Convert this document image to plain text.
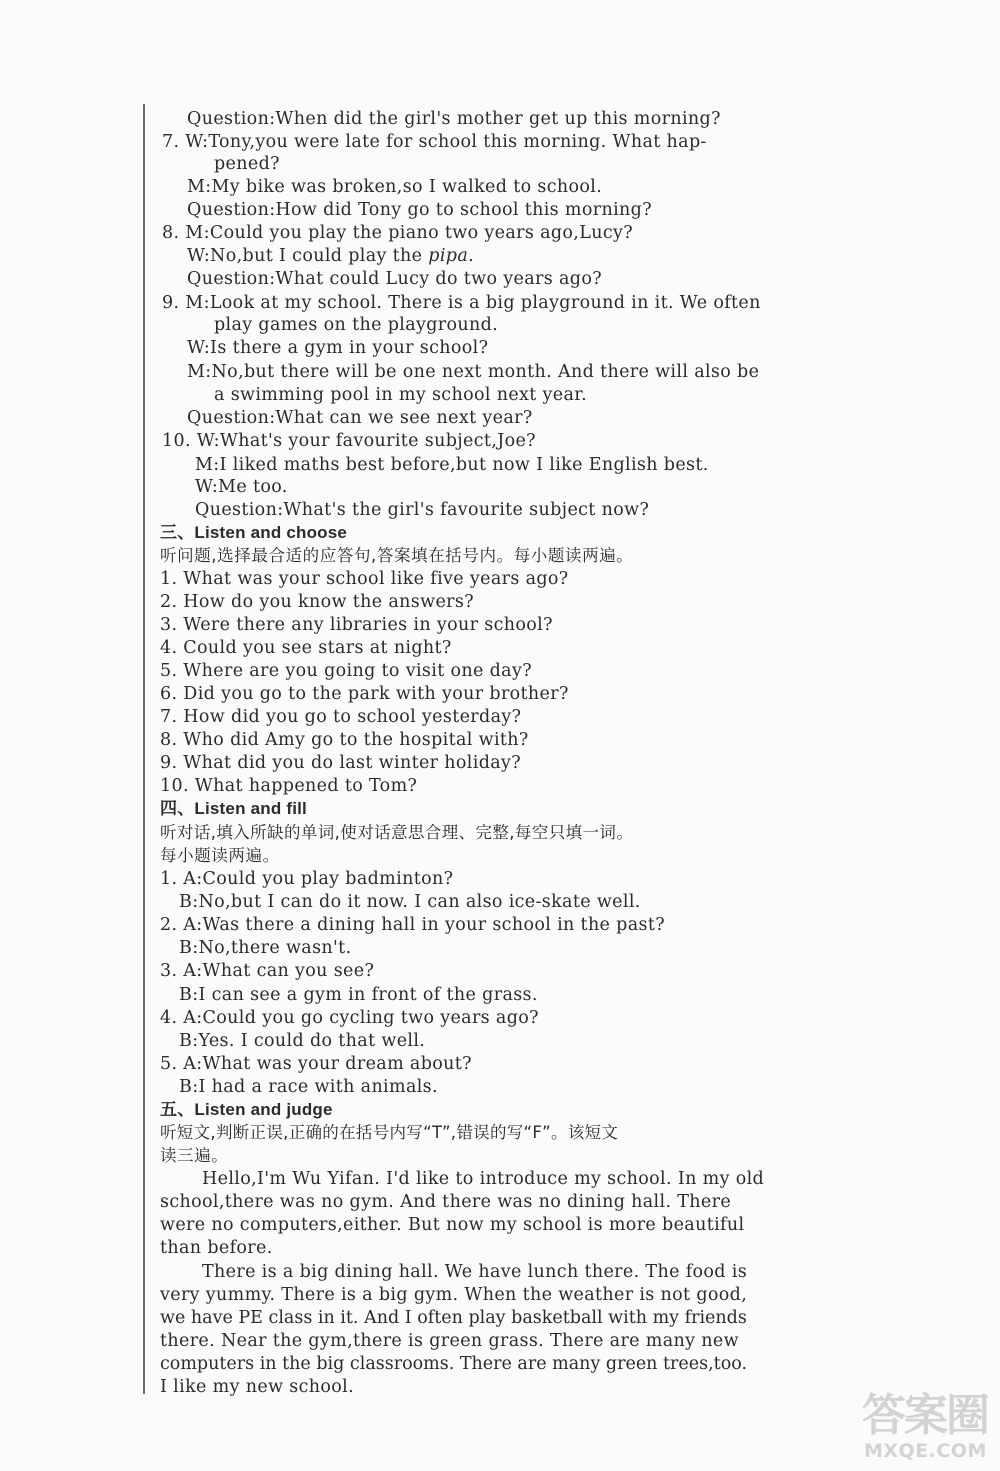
Question:When did the girl's mother get up this morning?
7. W:Tony,you were late for school this morning. What hap-
pened?
M:My bike was broken,so I walked to school.
Question:How did Tony go to school this morning?
8. M:Could you play the piano two years ago,Lucy?
W:No,but I could play the pipa.
Question:What could Lucy do two years ago?
9. M:Look at my school. There is a big playground in it. We often
play games on the playground.
W:Is there a gym in your school?
M:No,but there will be one next month. And there will also be
a swimming pool in my school next year.
Question:What can we see next year?
10. W:What's your favourite subject,Joe?
M:I liked maths best before,but now I like English best.
W:Me too.
Question:What's the girl's favourite subject now?
三、Listen and choose
听问题,选择最合适的应答句,答案填在括号内。每小题读两遍。
1. What was your school like five years ago?
2. How do you know the answers?
3. Were there any libraries in your school?
4. Could you see stars at night?
5. Where are you going to visit one day?
6. Did you go to the park with your brother?
7. How did you go to school yesterday?
8. Who did Amy go to the hospital with?
9. What did you do last winter holiday?
10. What happened to Tom?
四、Listen and fill
听对话,填入所缺的单词,使对话意思合理、完整,每空只填一词。
每小题读两遍。
1. A:Could you play badminton?
B:No,but I can do it now. I can also ice-skate well.
2. A:Was there a dining hall in your school in the past?
B:No,there wasn't.
3. A:What can you see?
B:I can see a gym in front of the grass.
4. A:Could you go cycling two years ago?
B:Yes. I could do that well.
5. A:What was your dream about?
B:I had a race with animals.
五、Listen and judge
听短文,判断正误,正确的在括号内写“T”,错误的写“F”。该短文
读三遍。
Hello,I'm Wu Yifan. I'd like to introduce my school. In my old
school,there was no gym. And there was no dining hall. There
were no computers,either. But now my school is more beautiful
than before.
There is a big dining hall. We have lunch there. The food is
very yummy. There is a big gym. When the weather is not good,
we have PE class in it. And I often play basketball with my friends
there. Near the gym,there is green grass. There are many new
computers in the big classrooms. There are many green trees,too.
I like my new school.
答案圈
MXQE.COM
